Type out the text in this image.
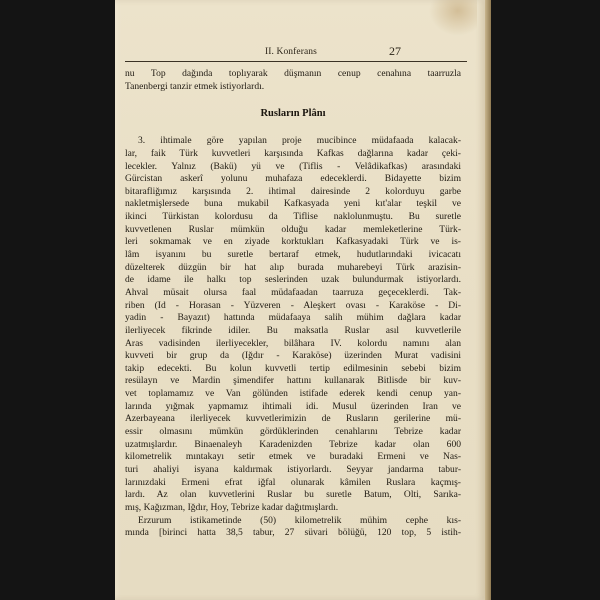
II. Konferans	27
nu Top dağında toplıyarak düşmanın cenup cenahına taarruzla
Tanenbergi tanzir etmek istiyorlardı.
Rusların Plânı
3. ihtimale göre yapılan proje mucibince müdafaada kalacak-
lar, faik Türk kuvvetleri karşısında Kafkas dağlarına kadar çeki-
lecekler. Yalnız (Bakü) yü ve (Tiflis - Velâdikafkas) arasındaki
Gürcistan askerî yolunu muhafaza edeceklerdi. Bidayette bizim
bitarafliğımız karşısında 2. ihtimal dairesinde 2 kolorduyu garbe
nakletmişlersede buna mukabil Kafkasyada yeni kıt'alar teşkil ve
ikinci Türkistan kolordusu da Tiflise naklolunmuştu. Bu suretle
kuvvetlenen Ruslar mümkün olduğu kadar memleketlerine Türk-
leri sokmamak ve en ziyade korktukları Kafkasyadaki Türk ve is-
lâm isyanını bu suretle bertaraf etmek, hudutlarındaki ivicacatı
düzelterek düzgün bir hat alıp burada muharebeyi Türk arazisin-
de idame ile halkı top seslerinden uzak bulundurmak istiyorlardı.
Ahval müsait olursa faal müdafaadan taarruza geçeceklerdi. Tak-
riben (Id - Horasan - Yüzveren - Aleşkert ovası - Karaköse - Di-
yadin - Bayazıt) hattında müdafaaya salih mühim dağlara kadar
ilerliyecek fikrinde idiler. Bu maksatla Ruslar asıl kuvvetlerile
Aras vadisinden ilerliyecekler, bilâhara IV. kolordu namını alan
kuvveti bir grup da (Iğdır - Karaköse) üzerinden Murat vadisini
takip edecekti. Bu kolun kuvvetli tertip edilmesinin sebebi bizim
resülayn ve Mardin şimendifer hattını kullanarak Bitlisde bir kuv-
vet toplamamız ve Van gölünden istifade ederek kendi cenup yan-
larında yığmak yapmamız ihtimali idi. Musul üzerinden Iran ve
Azerbayeana ilerliyecek kuvvetlerimizin de Rusların gerilerine mü-
essir olmasını mümkün gördüklerinden cenahlarını Tebrize kadar
uzatmışlardır. Binaenaleyh Karadenizden Tebrize kadar olan 600
kilometrelik mıntakayı setir etmek ve buradaki Ermeni ve Nas-
turi ahaliyi isyana kaldırmak istiyorlardı. Seyyar jandarma tabur-
larınızdaki Ermeni efrat iğfal olunarak kâmilen Ruslara kaçmış-
lardı. Az olan kuvvetlerini Ruslar bu suretle Batum, Olti, Sarıka-
mış, Kağızman, Iğdır, Hoy, Tebrize kadar dağıtmışlardı.
Erzurum istikametinde (50) kilometrelik mühim cephe kıs-
mında [birinci hatta 38,5 tabur, 27 süvari bölüğü, 120 top, 5 istih-
